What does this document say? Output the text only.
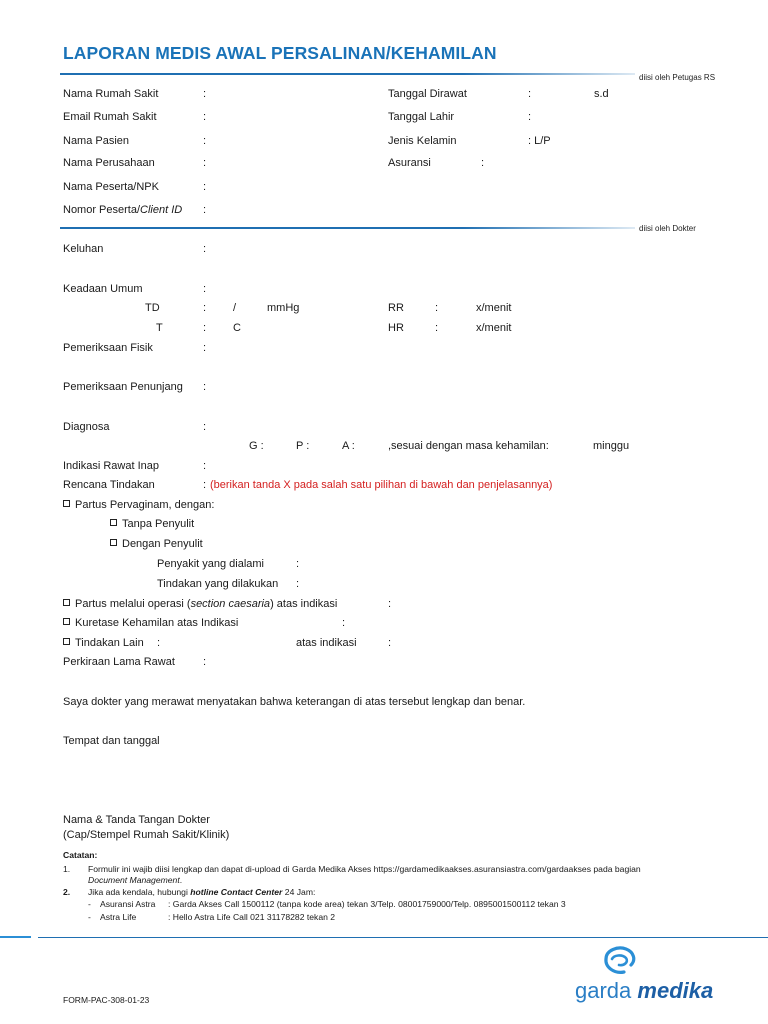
LAPORAN MEDIS AWAL PERSALINAN/KEHAMILAN
diisi oleh Petugas RS
Nama Rumah Sakit	:
Email Rumah Sakit	:
Nama Pasien	:
Nama Perusahaan	:
Nama Peserta/NPK	:
Nomor Peserta/Client ID :
Tanggal Dirawat	:	s.d
Tanggal Lahir	:
Jenis Kelamin	: L/P
Asuransi	:
diisi oleh Dokter
Keluhan	:
Keadaan Umum	:
TD	: /	mmHg	RR	:	x/menit
T	: C	HR	:	x/menit
Pemeriksaan Fisik	:
Pemeriksaan Penunjang :
Diagnosa	:
G :	P :	A :	,sesuai dengan masa kehamilan:	minggu
Indikasi Rawat Inap	:
Rencana Tindakan	: (berikan tanda X pada salah satu pilihan di bawah dan penjelasannya)
Partus Pervaginam, dengan:
Tanpa Penyulit
Dengan Penyulit
Penyakit yang dialami	:
Tindakan yang dilakukan :
Partus melalui operasi (section caesaria) atas indikasi	:
Kuretase Kehamilan atas Indikasi	:
Tindakan Lain :	atas indikasi	:
Perkiraan Lama Rawat	:
Saya dokter yang merawat menyatakan bahwa keterangan di atas tersebut lengkap dan benar.
Tempat dan tanggal
Nama & Tanda Tangan Dokter
(Cap/Stempel Rumah Sakit/Klinik)
Catatan:
1. Formulir ini wajib diisi lengkap dan dapat di-upload di Garda Medika Akses https://gardamedikaakses.asuransiastra.com/gardaakses pada bagian
Document Management.
2. Jika ada kendala, hubungi hotline Contact Center 24 Jam:
- Asuransi Astra : Garda Akses Call 1500112 (tanpa kode area) tekan 3/Telp. 08001759000/Telp. 0895001500112 tekan 3
- Astra Life	: Hello Astra Life Call 021 31178282 tekan 2
garda medika
FORM-PAC-308-01-23
